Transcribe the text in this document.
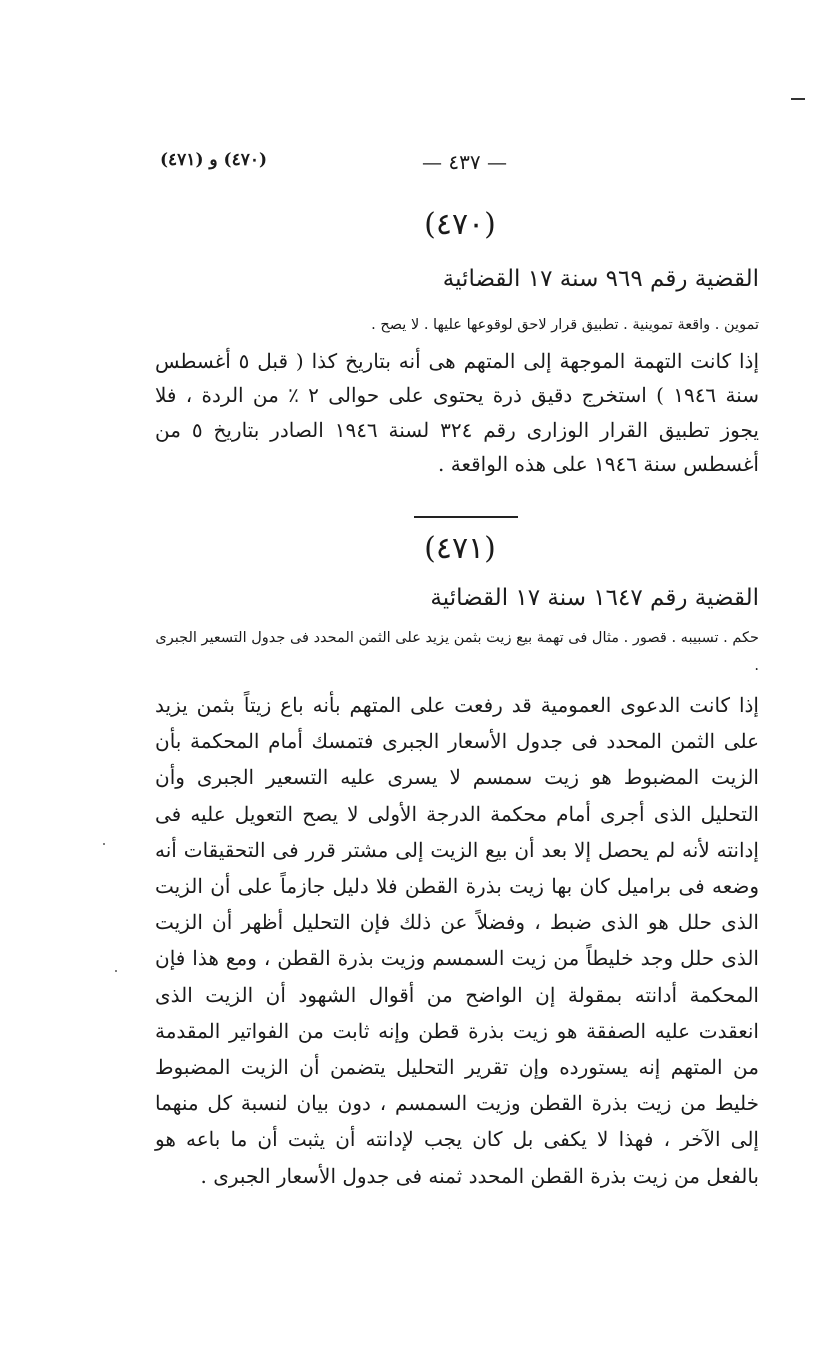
(٤٧٠) و (٤٧١)	— ٤٣٧ —
(٤٧٠)
القضية رقم ٩٦٩ سنة ١٧ القضائية
تموين . واقعة تموينية . تطبيق قرار لاحق لوقوعها عليها . لا يصح .

إذا كانت التهمة الموجهة إلى المتهم هى أنه بتاريخ كذا ( قبل ٥ أغسطس سنة ١٩٤٦ ) استخرج دقيق ذرة يحتوى على حوالى ٢ ٪ من الردة ، فلا يجوز تطبيق القرار الوزارى رقم ٣٢٤ لسنة ١٩٤٦ الصادر بتاريخ ٥ من أغسطس سنة ١٩٤٦ على هذه الواقعة .

(٤٧١)
القضية رقم ١٦٤٧ سنة ١٧ القضائية
حكم . تسبيبه . قصور . مثال فى تهمة بيع زيت بثمن يزيد على الثمن المحدد فى جدول التسعير الجبرى .

إذا كانت الدعوى العمومية قد رفعت على المتهم بأنه باع زيتاً بثمن يزيد على الثمن المحدد فى جدول الأسعار الجبرى فتمسك أمام المحكمة بأن الزيت المضبوط هو زيت سمسم لا يسرى عليه التسعير الجبرى وأن التحليل الذى أجرى أمام محكمة الدرجة الأولى لا يصح التعويل عليه فى إدانته لأنه لم يحصل إلا بعد أن بيع الزيت إلى مشتر قرر فى التحقيقات أنه وضعه فى براميل كان بها زيت بذرة القطن فلا دليل جازماً على أن الزيت الذى حلل هو الذى ضبط ، وفضلاً عن ذلك فإن التحليل أظهر أن الزيت الذى حلل وجد خليطاً من زيت السمسم وزيت بذرة القطن ، ومع هذا فإن المحكمة أدانته بمقولة إن الواضح من أقوال الشهود أن الزيت الذى انعقدت عليه الصفقة هو زيت بذرة قطن وإنه ثابت من الفواتير المقدمة من المتهم إنه يستورده وإن تقرير التحليل يتضمن أن الزيت المضبوط خليط من زيت بذرة القطن وزيت السمسم ، دون بيان لنسبة كل منهما إلى الآخر ، فهذا لا يكفى بل كان يجب لإدانته أن يثبت أن ما باعه هو بالفعل من زيت بذرة القطن المحدد ثمنه فى جدول الأسعار الجبرى .
